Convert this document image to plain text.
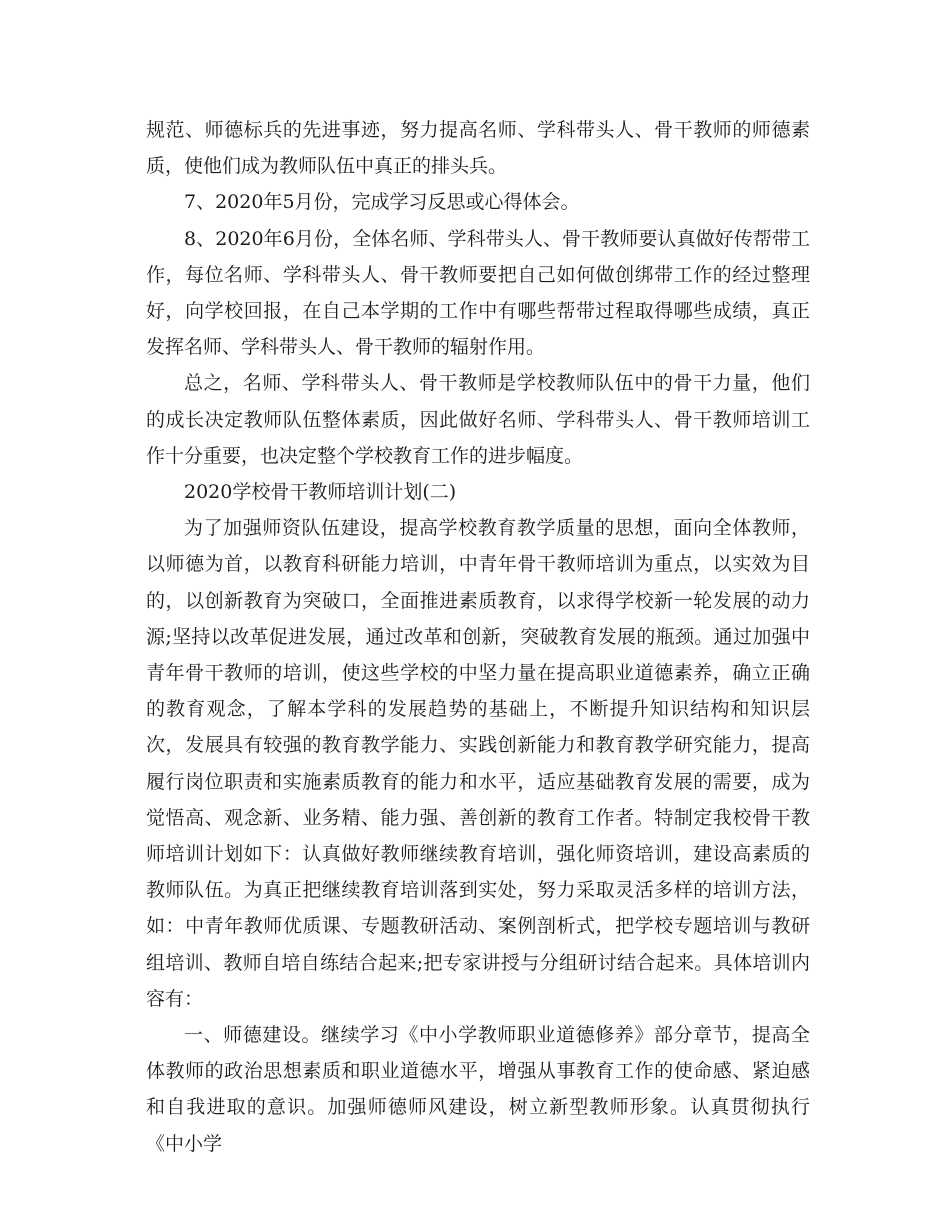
规范、师德标兵的先进事迹，努力提高名师、学科带头人、骨干教师的师德素质，使他们成为教师队伍中真正的排头兵。

7、2020年5月份，完成学习反思或心得体会。

8、2020年6月份，全体名师、学科带头人、骨干教师要认真做好传帮带工作，每位名师、学科带头人、骨干教师要把自己如何做创绑带工作的经过整理好，向学校回报，在自己本学期的工作中有哪些帮带过程取得哪些成绩，真正发挥名师、学科带头人、骨干教师的辐射作用。

总之，名师、学科带头人、骨干教师是学校教师队伍中的骨干力量，他们的成长决定教师队伍整体素质，因此做好名师、学科带头人、骨干教师培训工作十分重要，也决定整个学校教育工作的进步幅度。

2020学校骨干教师培训计划(二)

为了加强师资队伍建设，提高学校教育教学质量的思想，面向全体教师，以师德为首，以教育科研能力培训，中青年骨干教师培训为重点，以实效为目的，以创新教育为突破口，全面推进素质教育，以求得学校新一轮发展的动力源;坚持以改革促进发展，通过改革和创新，突破教育发展的瓶颈。通过加强中青年骨干教师的培训，使这些学校的中坚力量在提高职业道德素养，确立正确的教育观念，了解本学科的发展趋势的基础上，不断提升知识结构和知识层次，发展具有较强的教育教学能力、实践创新能力和教育教学研究能力，提高履行岗位职责和实施素质教育的能力和水平，适应基础教育发展的需要，成为觉悟高、观念新、业务精、能力强、善创新的教育工作者。特制定我校骨干教师培训计划如下：认真做好教师继续教育培训，强化师资培训，建设高素质的教师队伍。为真正把继续教育培训落到实处，努力采取灵活多样的培训方法，如：中青年教师优质课、专题教研活动、案例剖析式，把学校专题培训与教研组培训、教师自培自练结合起来;把专家讲授与分组研讨结合起来。具体培训内容有：

一、师德建设。继续学习《中小学教师职业道德修养》部分章节，提高全体教师的政治思想素质和职业道德水平，增强从事教育工作的使命感、紧迫感和自我进取的意识。加强师德师风建设，树立新型教师形象。认真贯彻执行《中小学
